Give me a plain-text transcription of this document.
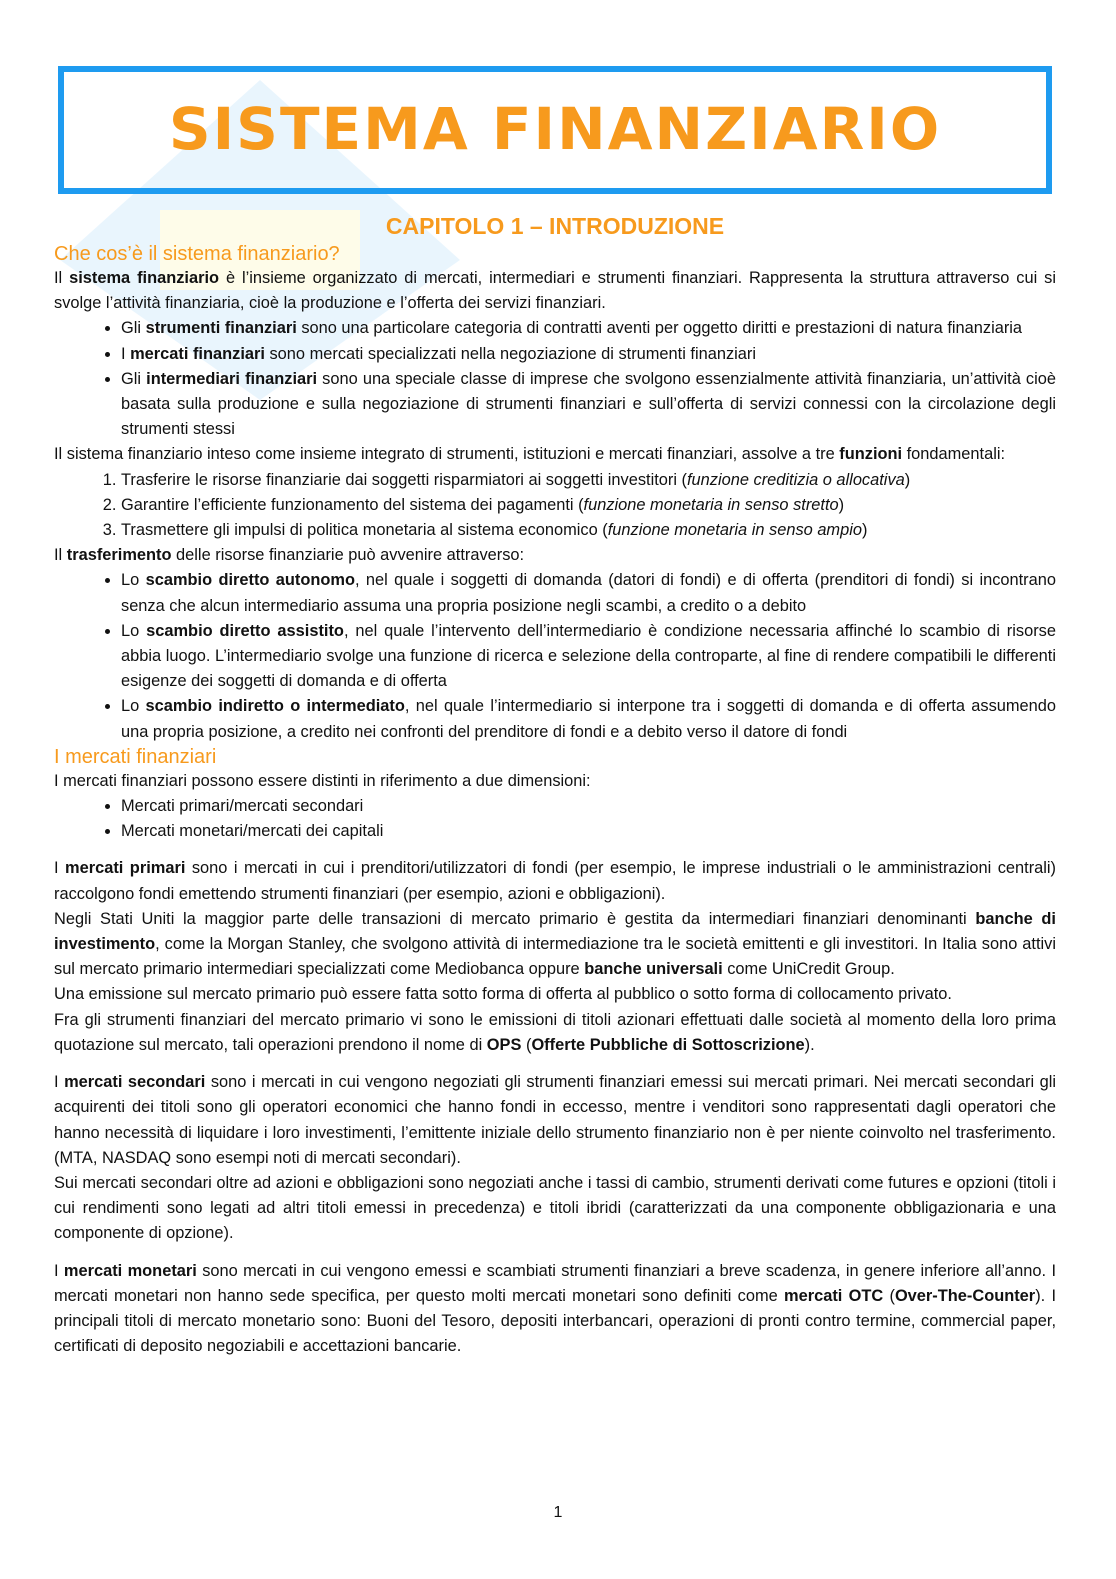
SISTEMA FINANZIARIO
CAPITOLO 1 – INTRODUZIONE
Che cos’è il sistema finanziario?

Il sistema finanziario è l’insieme organizzato di mercati, intermediari e strumenti finanziari. Rappresenta la struttura attraverso cui si svolge l’attività finanziaria, cioè la produzione e l’offerta dei servizi finanziari.

• Gli strumenti finanziari sono una particolare categoria di contratti aventi per oggetto diritti e prestazioni di natura finanziaria
• I mercati finanziari sono mercati specializzati nella negoziazione di strumenti finanziari
• Gli intermediari finanziari sono una speciale classe di imprese che svolgono essenzialmente attività finanziaria, un’attività cioè basata sulla produzione e sulla negoziazione di strumenti finanziari e sull’offerta di servizi connessi con la circolazione degli strumenti stessi

Il sistema finanziario inteso come insieme integrato di strumenti, istituzioni e mercati finanziari, assolve a tre funzioni fondamentali:

1. Trasferire le risorse finanziarie dai soggetti risparmiatori ai soggetti investitori (funzione creditizia o allocativa)
2. Garantire l’efficiente funzionamento del sistema dei pagamenti (funzione monetaria in senso stretto)
3. Trasmettere gli impulsi di politica monetaria al sistema economico (funzione monetaria in senso ampio)

Il trasferimento delle risorse finanziarie può avvenire attraverso:

• Lo scambio diretto autonomo, nel quale i soggetti di domanda (datori di fondi) e di offerta (prenditori di fondi) si incontrano senza che alcun intermediario assuma una propria posizione negli scambi, a credito o a debito
• Lo scambio diretto assistito, nel quale l’intervento dell’intermediario è condizione necessaria affinché lo scambio di risorse abbia luogo. L’intermediario svolge una funzione di ricerca e selezione della controparte, al fine di rendere compatibili le differenti esigenze dei soggetti di domanda e di offerta
• Lo scambio indiretto o intermediato, nel quale l’intermediario si interpone tra i soggetti di domanda e di offerta assumendo una propria posizione, a credito nei confronti del prenditore di fondi e a debito verso il datore di fondi
I mercati finanziari

I mercati finanziari possono essere distinti in riferimento a due dimensioni:

• Mercati primari/mercati secondari
• Mercati monetari/mercati dei capitali

I mercati primari sono i mercati in cui i prenditori/utilizzatori di fondi (per esempio, le imprese industriali o le amministrazioni centrali) raccolgono fondi emettendo strumenti finanziari (per esempio, azioni e obbligazioni).

Negli Stati Uniti la maggior parte delle transazioni di mercato primario è gestita da intermediari finanziari denominanti banche di investimento, come la Morgan Stanley, che svolgono attività di intermediazione tra le società emittenti e gli investitori. In Italia sono attivi sul mercato primario intermediari specializzati come Mediobanca oppure banche universali come UniCredit Group.

Una emissione sul mercato primario può essere fatta sotto forma di offerta al pubblico o sotto forma di collocamento privato.

Fra gli strumenti finanziari del mercato primario vi sono le emissioni di titoli azionari effettuati dalle società al momento della loro prima quotazione sul mercato, tali operazioni prendono il nome di OPS (Offerte Pubbliche di Sottoscrizione).

I mercati secondari sono i mercati in cui vengono negoziati gli strumenti finanziari emessi sui mercati primari. Nei mercati secondari gli acquirenti dei titoli sono gli operatori economici che hanno fondi in eccesso, mentre i venditori sono rappresentati dagli operatori che hanno necessità di liquidare i loro investimenti, l’emittente iniziale dello strumento finanziario non è per niente coinvolto nel trasferimento. (MTA, NASDAQ sono esempi noti di mercati secondari).

Sui mercati secondari oltre ad azioni e obbligazioni sono negoziati anche i tassi di cambio, strumenti derivati come futures e opzioni (titoli i cui rendimenti sono legati ad altri titoli emessi in precedenza) e titoli ibridi (caratterizzati da una componente obbligazionaria e una componente di opzione).

I mercati monetari sono mercati in cui vengono emessi e scambiati strumenti finanziari a breve scadenza, in genere inferiore all’anno. I mercati monetari non hanno sede specifica, per questo molti mercati monetari sono definiti come mercati OTC (Over-The-Counter). I principali titoli di mercato monetario sono: Buoni del Tesoro, depositi interbancari, operazioni di pronti contro termine, commercial paper, certificati di deposito negoziabili e accettazioni bancarie.

1
